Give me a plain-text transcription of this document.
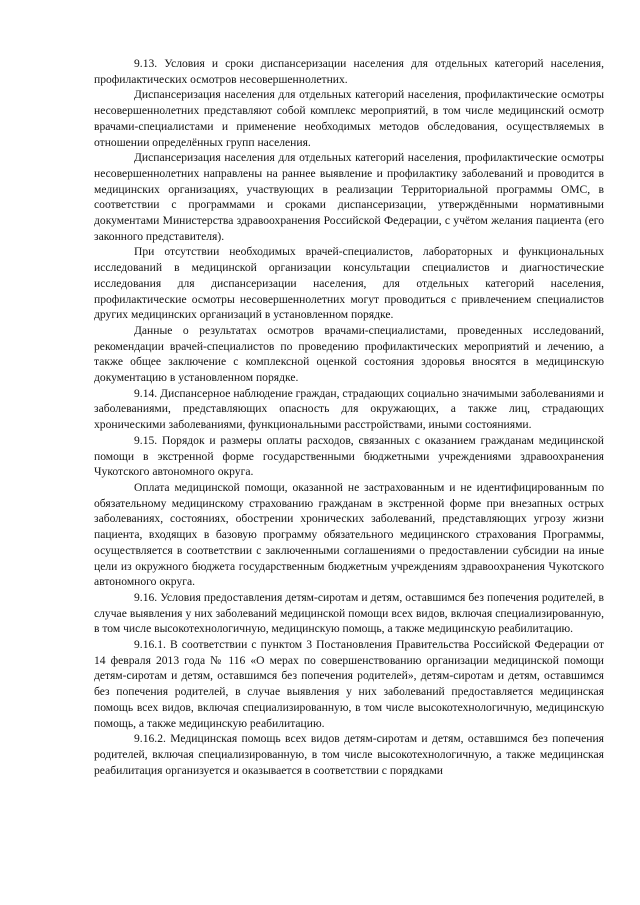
9.13. Условия и сроки диспансеризации населения для отдельных категорий населения, профилактических осмотров несовершеннолетних.

Диспансеризация населения для отдельных категорий населения, профилактические осмотры несовершеннолетних представляют собой комплекс мероприятий, в том числе медицинский осмотр врачами-специалистами и применение необходимых методов обследования, осуществляемых в отношении определённых групп населения.

Диспансеризация населения для отдельных категорий населения, профилактические осмотры несовершеннолетних направлены на раннее выявление и профилактику заболеваний и проводится в медицинских организациях, участвующих в реализации Территориальной программы ОМС, в соответствии с программами и сроками диспансеризации, утверждёнными нормативными документами Министерства здравоохранения Российской Федерации, с учётом желания пациента (его законного представителя).

При отсутствии необходимых врачей-специалистов, лабораторных и функциональных исследований в медицинской организации консультации специалистов и диагностические исследования для диспансеризации населения, для отдельных категорий населения, профилактические осмотры несовершеннолетних могут проводиться с привлечением специалистов других медицинских организаций в установленном порядке.

Данные о результатах осмотров врачами-специалистами, проведенных исследований, рекомендации врачей-специалистов по проведению профилактических мероприятий и лечению, а также общее заключение с комплексной оценкой состояния здоровья вносятся в медицинскую документацию в установленном порядке.

9.14. Диспансерное наблюдение граждан, страдающих социально значимыми заболеваниями и заболеваниями, представляющих опасность для окружающих, а также лиц, страдающих хроническими заболеваниями, функциональными расстройствами, иными состояниями.

9.15. Порядок и размеры оплаты расходов, связанных с оказанием гражданам медицинской помощи в экстренной форме государственными бюджетными учреждениями здравоохранения Чукотского автономного округа.

Оплата медицинской помощи, оказанной не застрахованным и не идентифицированным по обязательному медицинскому страхованию гражданам в экстренной форме при внезапных острых заболеваниях, состояниях, обострении хронических заболеваний, представляющих угрозу жизни пациента, входящих в базовую программу обязательного медицинского страхования Программы, осуществляется в соответствии с заключенными соглашениями о предоставлении субсидии на иные цели из окружного бюджета государственным бюджетным учреждениям здравоохранения Чукотского автономного округа.

9.16. Условия предоставления детям-сиротам и детям, оставшимся без попечения родителей, в случае выявления у них заболеваний медицинской помощи всех видов, включая специализированную, в том числе высокотехнологичную, медицинскую помощь, а также медицинскую реабилитацию.

9.16.1. В соответствии с пунктом 3 Постановления Правительства Российской Федерации от 14 февраля 2013 года № 116 «О мерах по совершенствованию организации медицинской помощи детям-сиротам и детям, оставшимся без попечения родителей», детям-сиротам и детям, оставшимся без попечения родителей, в случае выявления у них заболеваний предоставляется медицинская помощь всех видов, включая специализированную, в том числе высокотехнологичную, медицинскую помощь, а также медицинскую реабилитацию.

9.16.2. Медицинская помощь всех видов детям-сиротам и детям, оставшимся без попечения родителей, включая специализированную, в том числе высокотехнологичную, а также медицинская реабилитация организуется и оказывается в соответствии с порядками
